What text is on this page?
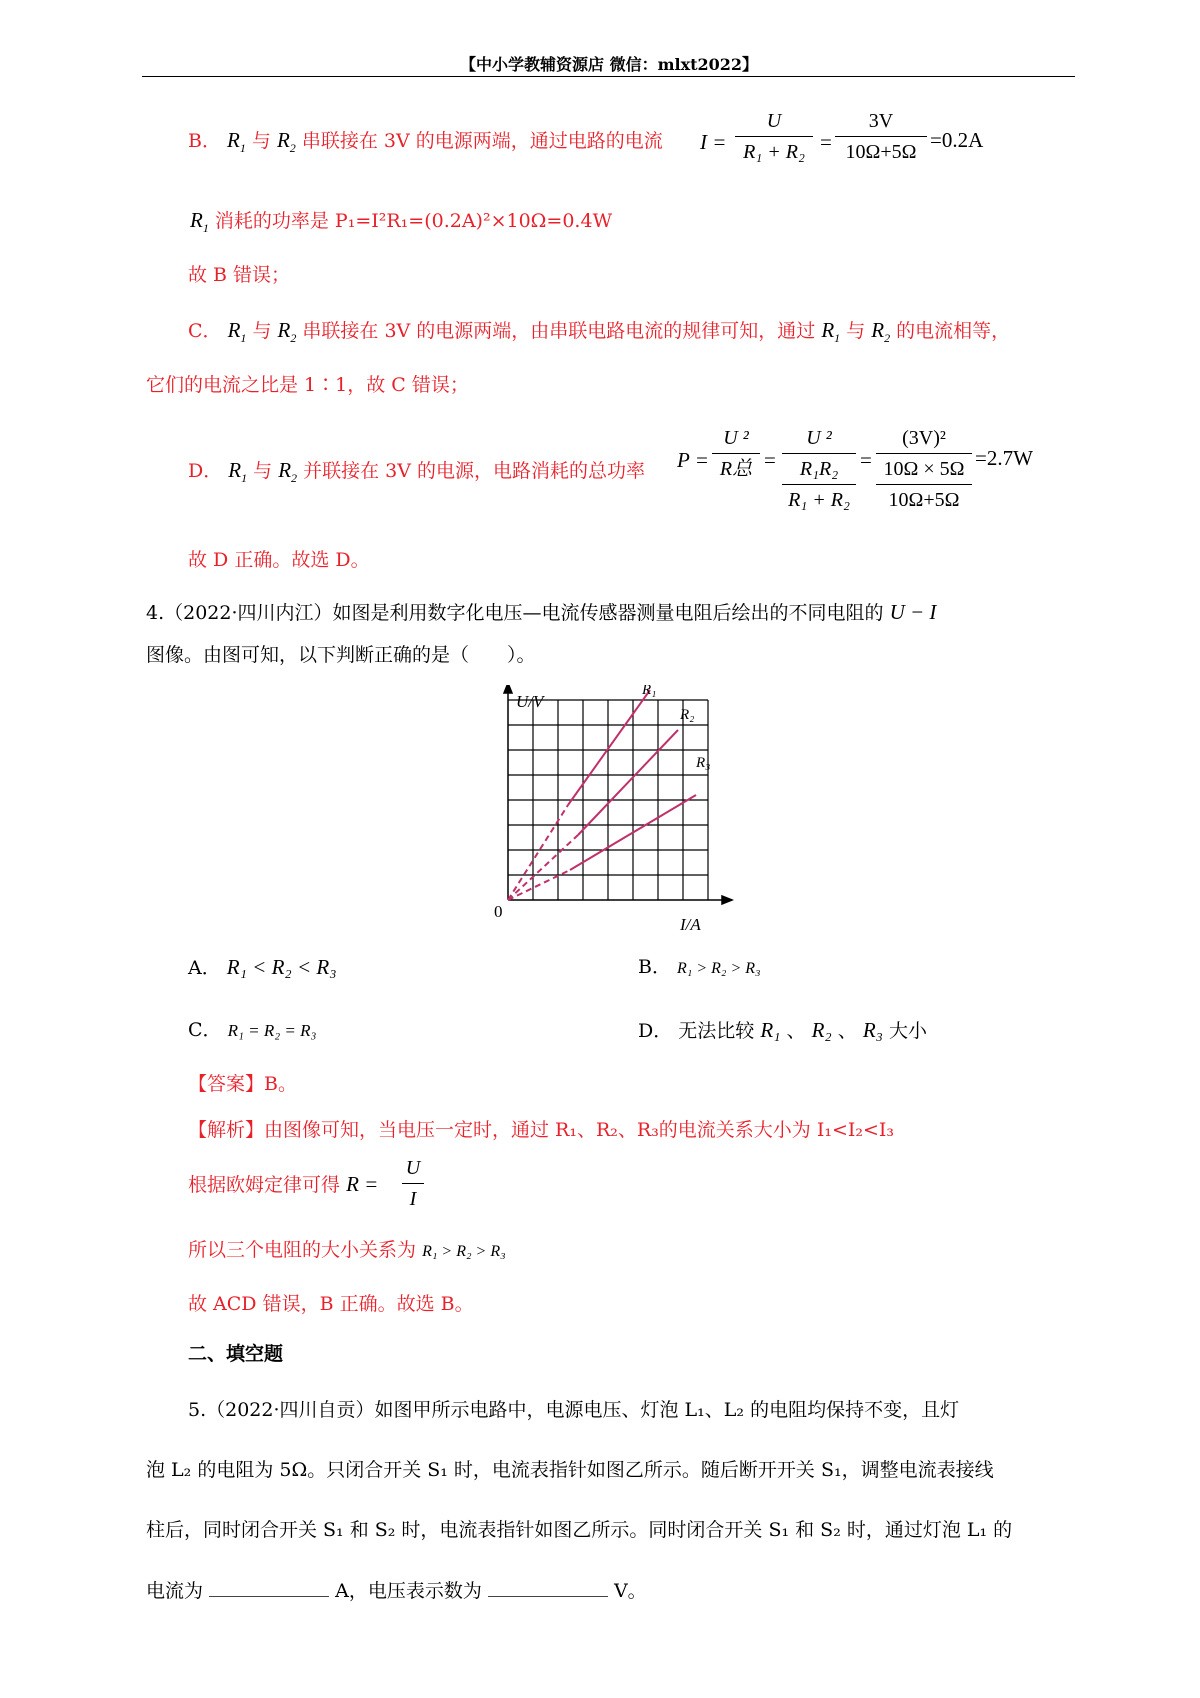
【中小学教辅资源店 微信：mlxt2022】
B． $R_1$ 与 $R_2$ 串联接在 3V 的电源两端，通过电路的电流 I =
U
R₁ + R₂ =
3V
10Ω+5Ω =0.2A
$R_1$ 消耗的功率是 P₁=I²R₁=(0.2A)²×10Ω=0.4W
故 B 错误；
C． $R_1$ 与 $R_2$ 串联接在 3V 的电源两端，由串联电路电流的规律可知，通过 $R_1$ 与 $R_2$ 的电流相等，
它们的电流之比是 1∶1，故 C 错误；
D． $R_1$ 与 $R_2$ 并联接在 3V 的电源，电路消耗的总功率 P =
U ²
R总 =
U ²
R₁R₂
R₁ + R₂
=
(3V)²
10Ω × 5Ω
10Ω+5Ω
=2.7W
故 D 正确。故选 D。
4.（2022·四川内江）如图是利用数字化电压—电流传感器测量电阻后绘出的不同电阻的 U − I
图像。由图可知，以下判断正确的是（　　）。
U/V
I/A
0
R₁
R₂
R₃
A． R₁ < R₂ < R₃	B． R₁ > R₂ > R₃
C． R₁ = R₂ = R₃	D． 无法比较 R₁ 、 R₂ 、 R₃ 大小
【答案】B。
【解析】由图像可知，当电压一定时，通过 R₁、R₂、R₃的电流关系大小为 I₁<I₂<I₃
根据欧姆定律可得 R =
U
I
所以三个电阻的大小关系为 R₁ > R₂ > R₃
故 ACD 错误，B 正确。故选 B。
二、填空题
5.（2022·四川自贡）如图甲所示电路中，电源电压、灯泡 L₁、L₂ 的电阻均保持不变，且灯
泡 L₂ 的电阻为 5Ω。只闭合开关 S₁ 时，电流表指针如图乙所示。随后断开开关 S₁，调整电流表接线
柱后，同时闭合开关 S₁ 和 S₂ 时，电流表指针如图乙所示。同时闭合开关 S₁ 和 S₂ 时，通过灯泡 L₁ 的
电流为	A，电压表示数为	V。
